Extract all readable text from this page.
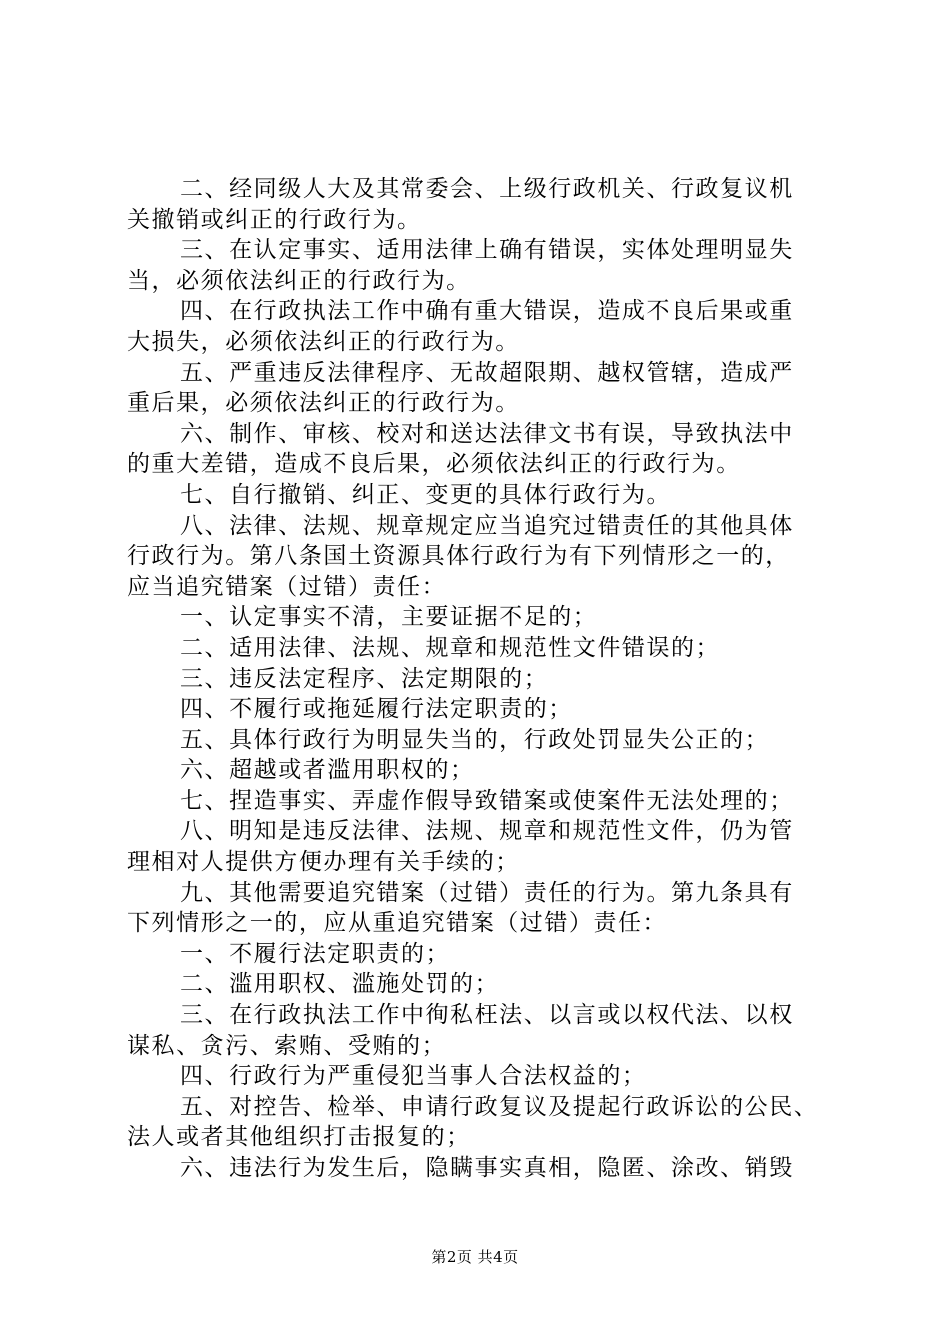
二、经同级人大及其常委会、上级行政机关、行政复议机
关撤销或纠正的行政行为。
三、在认定事实、适用法律上确有错误，实体处理明显失
当，必须依法纠正的行政行为。
四、在行政执法工作中确有重大错误，造成不良后果或重
大损失，必须依法纠正的行政行为。
五、严重违反法律程序、无故超限期、越权管辖，造成严
重后果，必须依法纠正的行政行为。
六、制作、审核、校对和送达法律文书有误，导致执法中
的重大差错，造成不良后果，必须依法纠正的行政行为。
七、自行撤销、纠正、变更的具体行政行为。
八、法律、法规、规章规定应当追究过错责任的其他具体
行政行为。第八条国土资源具体行政行为有下列情形之一的，
应当追究错案（过错）责任：
一、认定事实不清，主要证据不足的；
二、适用法律、法规、规章和规范性文件错误的；
三、违反法定程序、法定期限的；
四、不履行或拖延履行法定职责的；
五、具体行政行为明显失当的，行政处罚显失公正的；
六、超越或者滥用职权的；
七、捏造事实、弄虚作假导致错案或使案件无法处理的；
八、明知是违反法律、法规、规章和规范性文件，仍为管
理相对人提供方便办理有关手续的；
九、其他需要追究错案（过错）责任的行为。第九条具有
下列情形之一的，应从重追究错案（过错）责任：
一、不履行法定职责的；
二、滥用职权、滥施处罚的；
三、在行政执法工作中徇私枉法、以言或以权代法、以权
谋私、贪污、索贿、受贿的；
四、行政行为严重侵犯当事人合法权益的；
五、对控告、检举、申请行政复议及提起行政诉讼的公民、
法人或者其他组织打击报复的；
六、违法行为发生后，隐瞒事实真相，隐匿、涂改、销毁
第2页 共4页
